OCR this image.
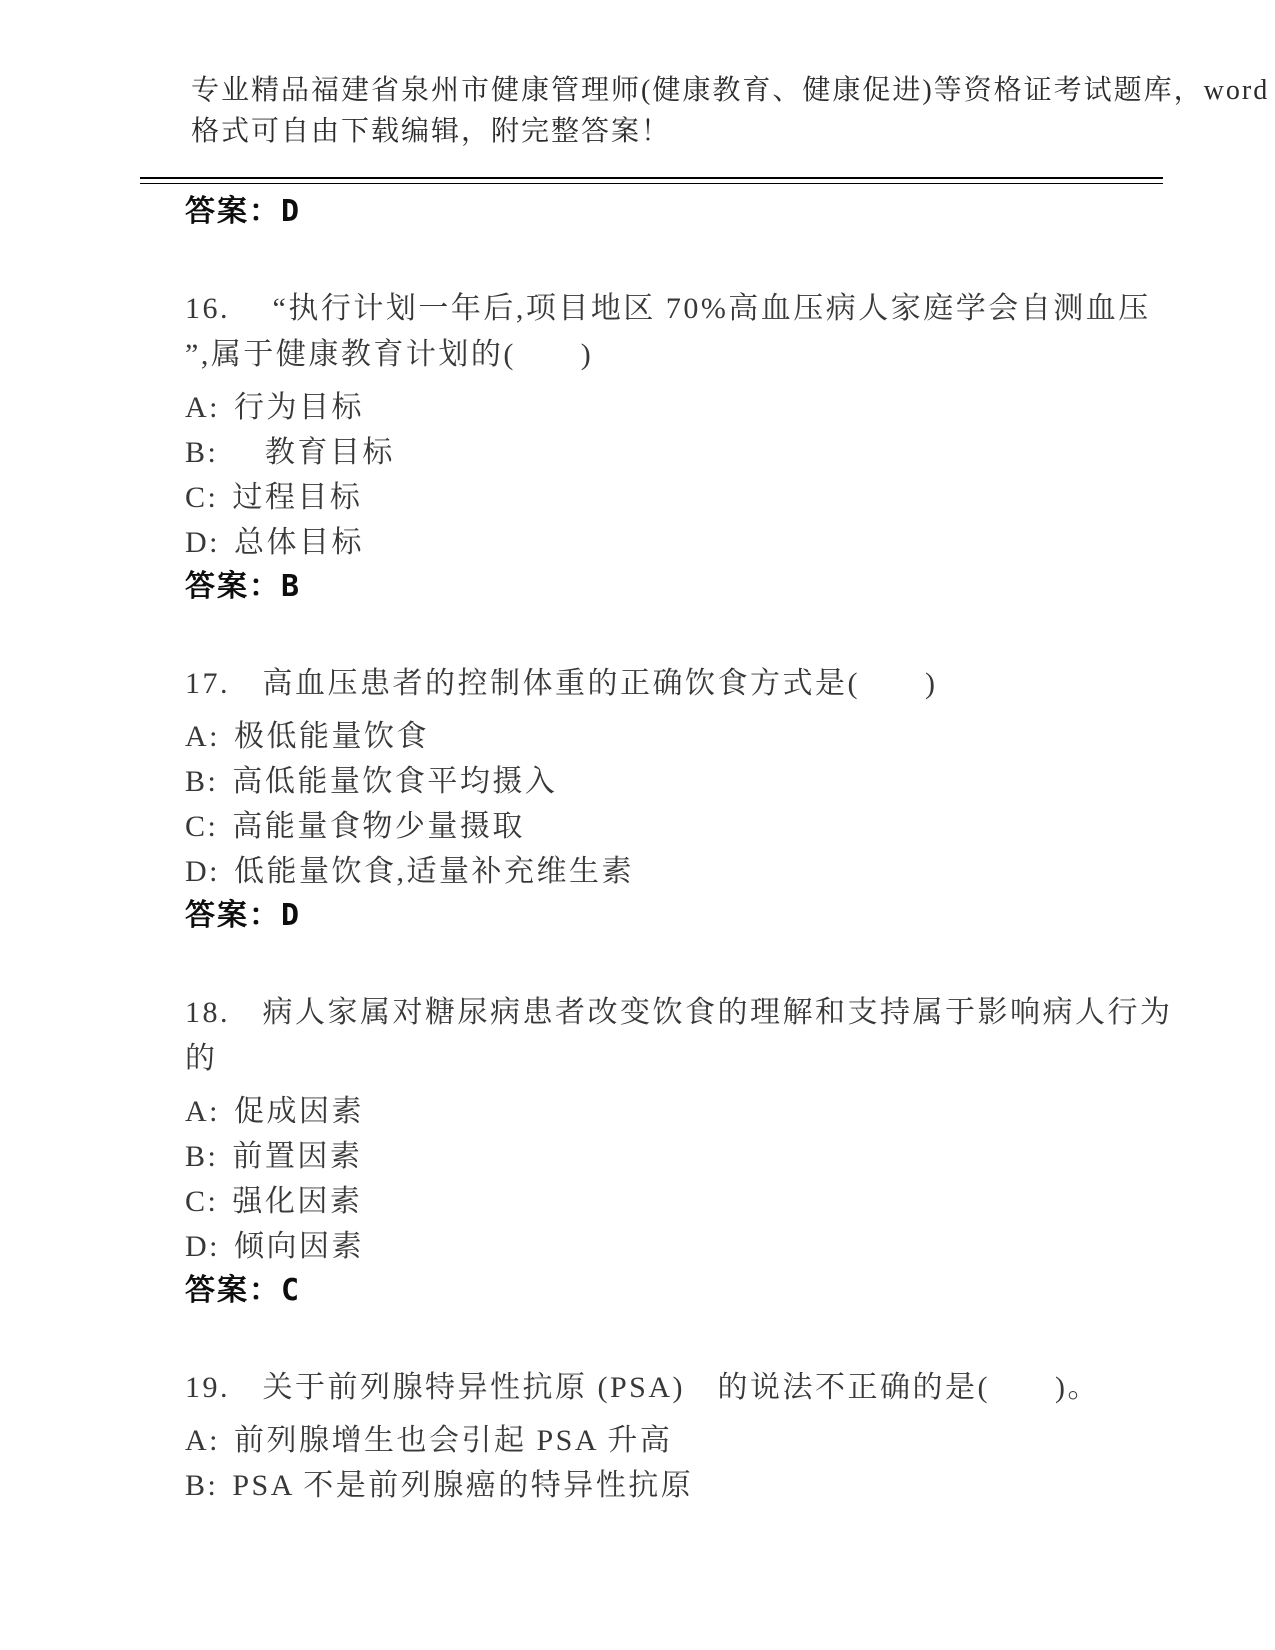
专业精品福建省泉州市健康管理师(健康教育、健康促进)等资格证考试题库，word
格式可自由下载编辑，附完整答案！

答案：D

16.　 “执行计划一年后,项目地区 70%高血压病人家庭学会自测血压
”,属于健康教育计划的(　　)

A: 行为目标

B:　教育目标

C: 过程目标

D: 总体目标

答案：B

17.　高血压患者的控制体重的正确饮食方式是(　　)

A: 极低能量饮食

B: 高低能量饮食平均摄入

C: 高能量食物少量摄取

D: 低能量饮食,适量补充维生素

答案：D

18.　病人家属对糖尿病患者改变饮食的理解和支持属于影响病人行为
的

A: 促成因素

B: 前置因素

C: 强化因素

D: 倾向因素

答案：C

19.　关于前列腺特异性抗原 (PSA)　的说法不正确的是(　　)。

A: 前列腺增生也会引起 PSA 升高

B: PSA 不是前列腺癌的特异性抗原
